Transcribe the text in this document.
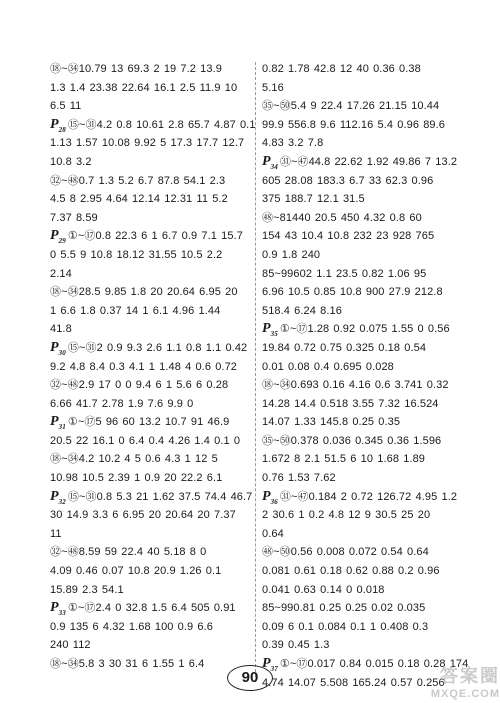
⑱~㉞10.79 13 69.3 2 19 7.2 13.9
1.3 1.4 23.38 22.64 16.1 2.5 11.9 10
6.5 11
$P_{28}$ ⑮~㉛4.2 0.8 10.61 2.8 65.7 4.87 0.1
1.13 1.57 10.08 9.92 5 17.3 17.7 12.7
10.8 3.2
㉜~㊽0.7 1.3 5.2 6.7 87.8 54.1 2.3
4.5 8 2.95 4.64 12.14 12.31 11 5.2
7.37 8.59
$P_{29}$ ①~⑰0.8 22.3 6 1 6.7 0.9 7.1 15.7
0 5.5 9 10.8 18.12 31.55 10.5 2.2
2.14
⑱~㉞28.5 9.85 1.8 20 20.64 6.95 20
1 6.6 1.8 0.37 14 1 6.1 4.96 1.44
41.8
$P_{30}$ ⑮~㉛2 0.9 9.3 2.6 1.1 0.8 1.1 0.42
9.2 4.8 8.4 0.3 4.1 1 1.48 4 0.6 0.72
㉜~㊽2.9 17 0 0 9.4 6 1 5.6 6 0.28
6.66 41.7 2.78 1.9 7.6 9.9 0
$P_{31}$ ①~⑰5 96 60 13.2 10.7 91 46.9
20.5 22 16.1 0 6.4 0.4 4.26 1.4 0.1 0
⑱~㉞4.2 10.2 4 5 0.6 4.3 1 12 5
10.98 10.5 2.39 1 0.9 20 22.2 6.1
$P_{32}$ ⑮~㉛0.8 5.3 21 1.62 37.5 74.4 46.7
30 14.9 3.3 6 6.95 20 20.64 20 7.37
11
㉜~㊽8.59 59 22.4 40 5.18 8 0
4.09 0.46 0.07 10.8 20.9 1.26 0.1
15.89 2.3 54.1
$P_{33}$ ①~⑰2.4 0 32.8 1.5 6.4 505 0.91
0.9 135 6 4.32 1.68 100 0.9 6.6
240 112
⑱~㉞5.8 3 30 31 6 1.55 1 6.4
0.82 1.78 42.8 12 40 0.36 0.38
5.16
㉟~㊿5.4 9 22.4 17.26 21.15 10.44
99.9 556.8 9.6 112.16 5.4 0.96 89.6
4.83 3.2 7.8
$P_{34}$ ㉛~㊼44.8 22.62 1.92 49.86 7 13.2
605 28.08 183.3 6.7 33 62.3 0.96
375 188.7 12.1 31.5
㊽~81440 20.5 450 4.32 0.8 60
154 43 10.4 10.8 232 23 928 765
0.9 1.8 240
85~99602 1.1 23.5 0.82 1.06 95
6.96 10.5 0.85 10.8 900 27.9 212.8
518.4 6.24 8.16
$P_{35}$ ①~⑰1.28 0.92 0.075 1.55 0 0.56
19.84 0.72 0.75 0.325 0.18 0.54
0.01 0.08 0.4 0.695 0.028
⑱~㉞0.693 0.16 4.16 0.6 3.741 0.32
14.28 14.4 0.518 3.55 7.32 16.524
14.07 1.33 145.8 0.25 0.35
㉟~㊿0.378 0.036 0.345 0.36 1.596
1.672 8 2.1 51.5 6 10 1.68 1.89
0.76 1.53 7.62
$P_{36}$ ㉛~㊼0.184 2 0.72 126.72 4.95 1.2
2 30.6 1 0.2 4.8 12 9 30.5 25 20
0.64
㊽~㊿0.56 0.008 0.072 0.54 0.64
0.081 0.61 0.18 0.62 0.88 0.2 0.96
0.041 0.63 0.14 0 0.018
85~990.81 0.25 0.25 0.02 0.035
0.09 6 0.1 0.084 0.1 1 0.408 0.3
0.39 0.45 1.3
$P_{37}$ ①~⑰0.017 0.84 0.015 0.18 0.28 174
4.74 14.07 5.508 165.24 0.57 0.256
90	答案圈
MXQE.COM
